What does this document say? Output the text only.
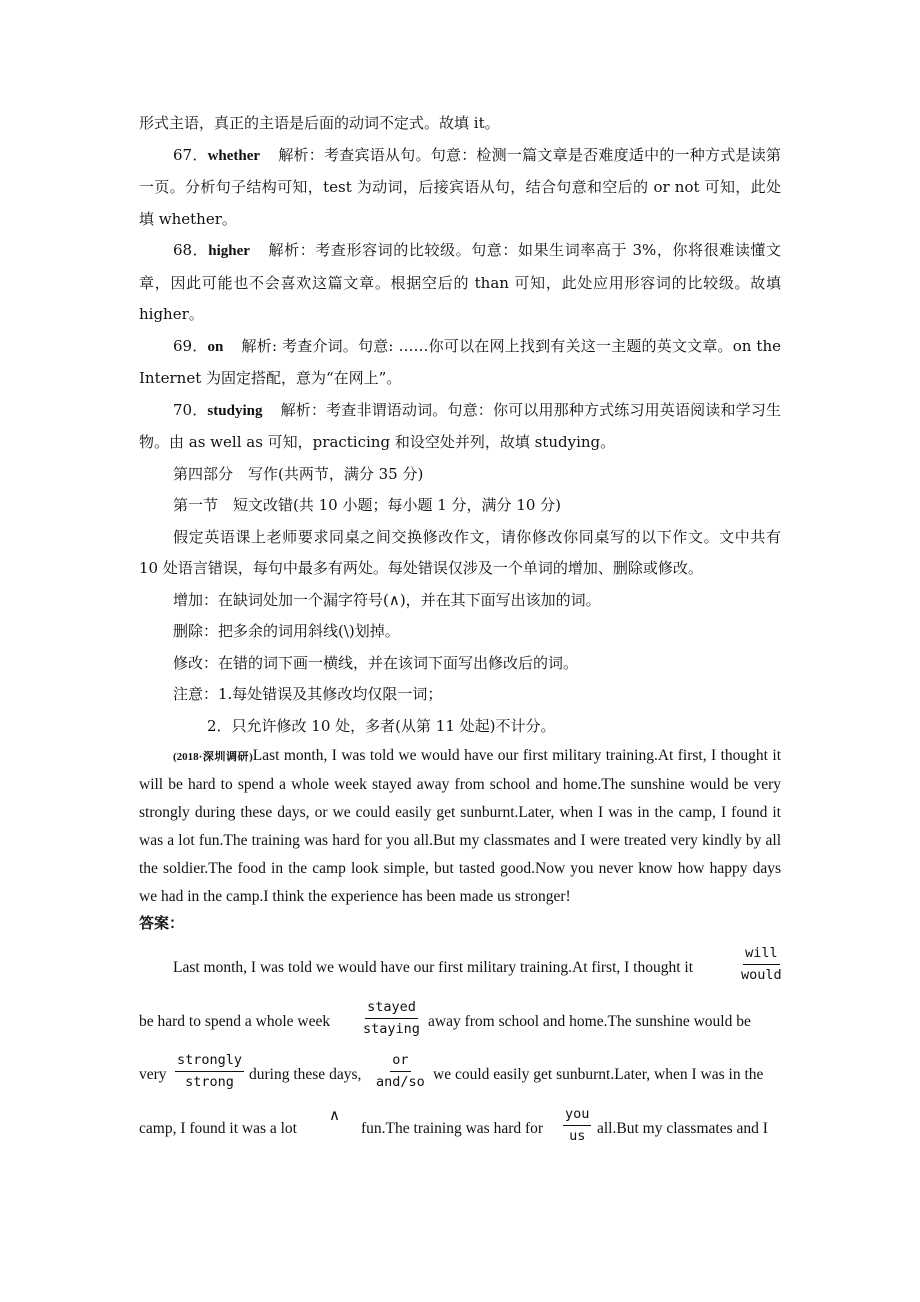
形式主语，真正的主语是后面的动词不定式。故填 it。

67．whether 解析：考查宾语从句。句意：检测一篇文章是否难度适中的一种方式是读第一页。分析句子结构可知，test 为动词，后接宾语从句，结合句意和空后的 or not 可知，此处填 whether。

68．higher 解析：考查形容词的比较级。句意：如果生词率高于 3%，你将很难读懂文章，因此可能也不会喜欢这篇文章。根据空后的 than 可知，此处应用形容词的比较级。故填 higher。

69．on 解析: 考查介词。句意: ……你可以在网上找到有关这一主题的英文文章。on the Internet 为固定搭配，意为“在网上”。

70．studying 解析：考查非谓语动词。句意：你可以用那种方式练习用英语阅读和学习生物。由 as well as 可知，practicing 和设空处并列，故填 studying。

第四部分　写作(共两节，满分 35 分)

第一节　短文改错(共 10 小题；每小题 1 分，满分 10 分)

假定英语课上老师要求同桌之间交换修改作文，请你修改你同桌写的以下作文。文中共有 10 处语言错误，每句中最多有两处。每处错误仅涉及一个单词的增加、删除或修改。

增加：在缺词处加一个漏字符号(∧)，并在其下面写出该加的词。

删除：把多余的词用斜线(\)划掉。

修改：在错的词下画一横线，并在该词下面写出修改后的词。

注意：1.每处错误及其修改均仅限一词；

2．只允许修改 10 处，多者(从第 11 处起)不计分。

(2018·深圳调研)Last month, I was told we would have our first military training.At first, I thought it will be hard to spend a whole week stayed away from school and home.The sunshine would be very strongly during these days, or we could easily get sunburnt.Later, when I was in the camp, I found it was a lot fun.The training was hard for you all.But my classmates and I were treated very kindly by all the soldier.The food in the camp look simple, but tasted good.Now you never know how happy days we had in the camp.I think the experience has been made us stronger!

答案：

Last month, I was told we would have our first military training.At first, I thought it
will
would
be hard to spend a whole week
stayed
staying away from school and home.The sunshine would be
very
strongly
strong during these days,
or
and/so we could easily get sunburnt.Later, when I was in the
camp, I found it was a lot
∧
fun.The training was hard for
you
us all.But my classmates and I
